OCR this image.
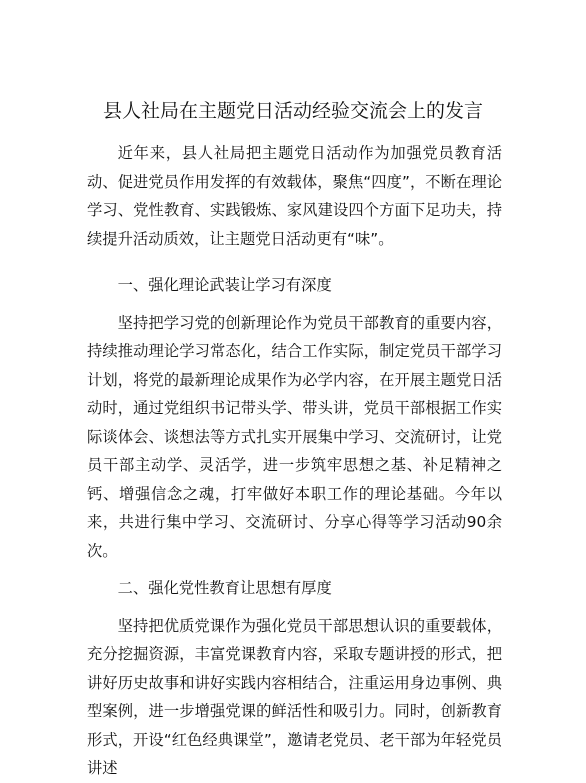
县人社局在主题党日活动经验交流会上的发言

近年来，县人社局把主题党日活动作为加强党员教育活动、促进党员作用发挥的有效载体，聚焦“四度”，不断在理论学习、党性教育、实践锻炼、家风建设四个方面下足功夫，持续提升活动质效，让主题党日活动更有“味”。

一、强化理论武装让学习有深度

坚持把学习党的创新理论作为党员干部教育的重要内容，持续推动理论学习常态化，结合工作实际，制定党员干部学习计划，将党的最新理论成果作为必学内容，在开展主题党日活动时，通过党组织书记带头学、带头讲，党员干部根据工作实际谈体会、谈想法等方式扎实开展集中学习、交流研讨，让党员干部主动学、灵活学，进一步筑牢思想之基、补足精神之钙、增强信念之魂，打牢做好本职工作的理论基础。今年以来，共进行集中学习、交流研讨、分享心得等学习活动90余次。

二、强化党性教育让思想有厚度

坚持把优质党课作为强化党员干部思想认识的重要载体，充分挖掘资源，丰富党课教育内容，采取专题讲授的形式，把讲好历史故事和讲好实践内容相结合，注重运用身边事例、典型案例，进一步增强党课的鲜活性和吸引力。同时，创新教育形式，开设“红色经典课堂”，邀请老党员、老干部为年轻党员讲述
